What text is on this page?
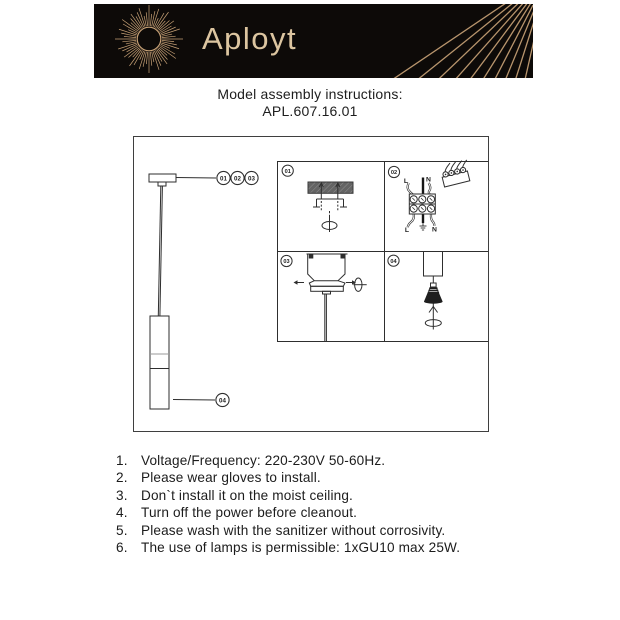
Aployt
Model assembly instructions:
APL.607.16.01
01 02 03
04
L	N
L	N
01	02
03	04
1. Voltage/Frequency: 220-230V 50-60Hz.
2. Please wear gloves to install.
3. Don`t install it on the moist ceiling.
4. Turn off the power before cleanout.
5. Please wash with the sanitizer without corrosivity.
6. The use of lamps is permissible: 1xGU10 max 25W.
